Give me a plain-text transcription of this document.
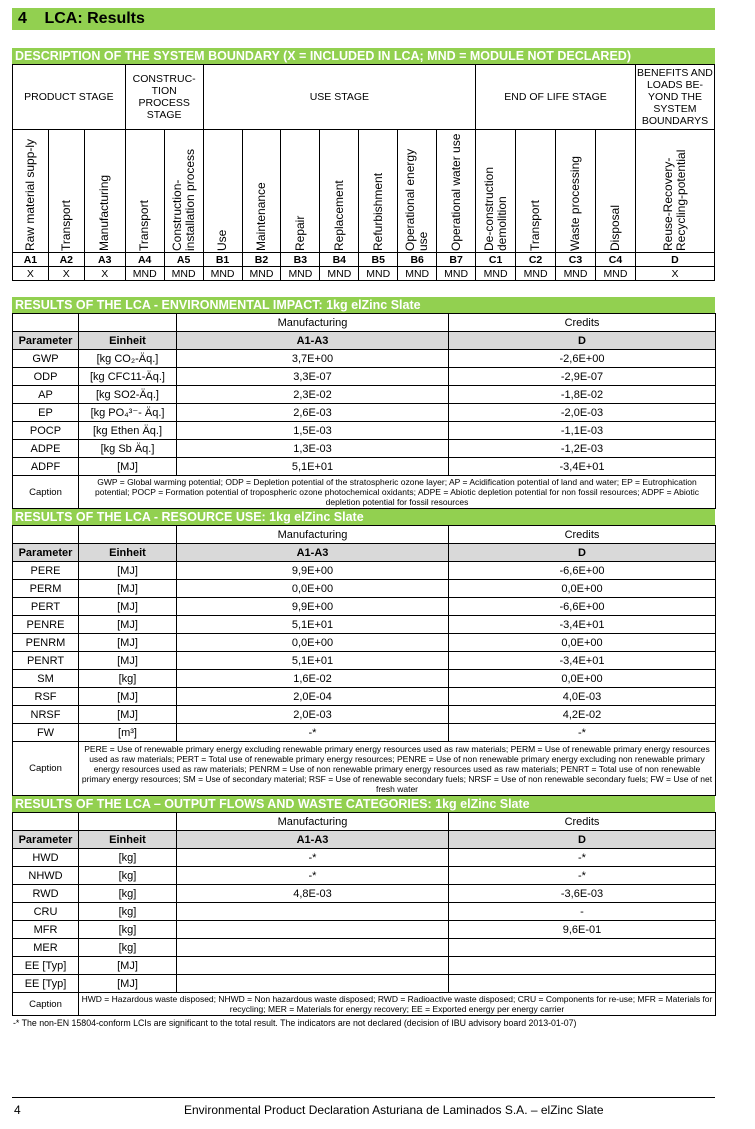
4 LCA: Results
DESCRIPTION OF THE SYSTEM BOUNDARY (X = INCLUDED IN LCA; MND = MODULE NOT DECLARED)
PRODUCT STAGE			CONSTRUC-TION PROCESS STAGE		USE STAGE							END OF LIFE STAGE				BENEFITS AND LOADS BE-YOND THE SYSTEM BOUNDARYS

Raw material supp-ly	Transport	Manufacturing	Transport	Construction-installation process	Use	Maintenance	Repair	Replacement	Refurbishment	Operational energy use	Operational water use	De-construction demolition	Transport	Waste processing	Disposal	Reuse-Recovery-Recycling-potential

A1	A2	A3	A4	A5	B1	B2	B3	B4	B5	B6	B7	C1	C2	C3	C4	D
X	X	X	MND	MND	MND	MND	MND	MND	MND	MND	MND	MND	MND	MND	MND	X
RESULTS OF THE LCA - ENVIRONMENTAL IMPACT: 1kg elZinc Slate
		Manufacturing	Credits
Parameter	Einheit	A1-A3	D
GWP	[kg CO₂-Äq.]	3,7E+00	-2,6E+00
ODP	[kg CFC11-Äq.]	3,3E-07	-2,9E-07
AP	[kg SO2-Äq.]	2,3E-02	-1,8E-02
EP	[kg PO₄³⁻- Äq.]	2,6E-03	-2,0E-03
POCP	[kg Ethen Äq.]	1,5E-03	-1,1E-03
ADPE	[kg Sb Äq.]	1,3E-03	-1,2E-03
ADPF	[MJ]	5,1E+01	-3,4E+01
Caption	GWP = Global warming potential; ODP = Depletion potential of the stratospheric ozone layer; AP = Acidification potential of land and water; EP = Eutrophication potential; POCP = Formation potential of tropospheric ozone photochemical oxidants; ADPE = Abiotic depletion potential for non fossil resources; ADPF = Abiotic depletion potential for fossil resources		
RESULTS OF THE LCA - RESOURCE USE: 1kg elZinc Slate
		Manufacturing	Credits
Parameter	Einheit	A1-A3	D
PERE	[MJ]	9,9E+00	-6,6E+00
PERM	[MJ]	0,0E+00	0,0E+00
PERT	[MJ]	9,9E+00	-6,6E+00
PENRE	[MJ]	5,1E+01	-3,4E+01
PENRM	[MJ]	0,0E+00	0,0E+00
PENRT	[MJ]	5,1E+01	-3,4E+01
SM	[kg]	1,6E-02	0,0E+00
RSF	[MJ]	2,0E-04	4,0E-03
NRSF	[MJ]	2,0E-03	4,2E-02
FW	[m³]	-*	-*
Caption	PERE = Use of renewable primary energy excluding renewable primary energy resources used as raw materials; PERM = Use of renewable primary energy resources used as raw materials; PERT = Total use of renewable primary energy resources; PENRE = Use of non renewable primary energy excluding non renewable primary energy resources used as raw materials; PENRM = Use of non renewable primary energy resources used as raw materials; PENRT = Total use of non renewable primary energy resources; SM = Use of secondary material; RSF = Use of renewable secondary fuels; NRSF = Use of non renewable secondary fuels; FW = Use of net fresh water		
RESULTS OF THE LCA – OUTPUT FLOWS AND WASTE CATEGORIES: 1kg elZinc Slate
		Manufacturing	Credits
Parameter	Einheit	A1-A3	D
HWD	[kg]	-*	-*
NHWD	[kg]	-*	-*
RWD	[kg]	4,8E-03	-3,6E-03
CRU	[kg]		-
MFR	[kg]		9,6E-01
MER	[kg]		
EE [Typ]	[MJ]		
EE [Typ]	[MJ]		
Caption	HWD = Hazardous waste disposed; NHWD = Non hazardous waste disposed; RWD = Radioactive waste disposed; CRU = Components for re-use; MFR = Materials for recycling; MER = Materials for energy recovery; EE = Exported energy per energy carrier		
-* The non-EN 15804-conform LCIs are significant to the total result. The indicators are not declared (decision of IBU advisory board 2013-01-07)
4	Environmental Product Declaration Asturiana de Laminados S.A. – elZinc Slate
